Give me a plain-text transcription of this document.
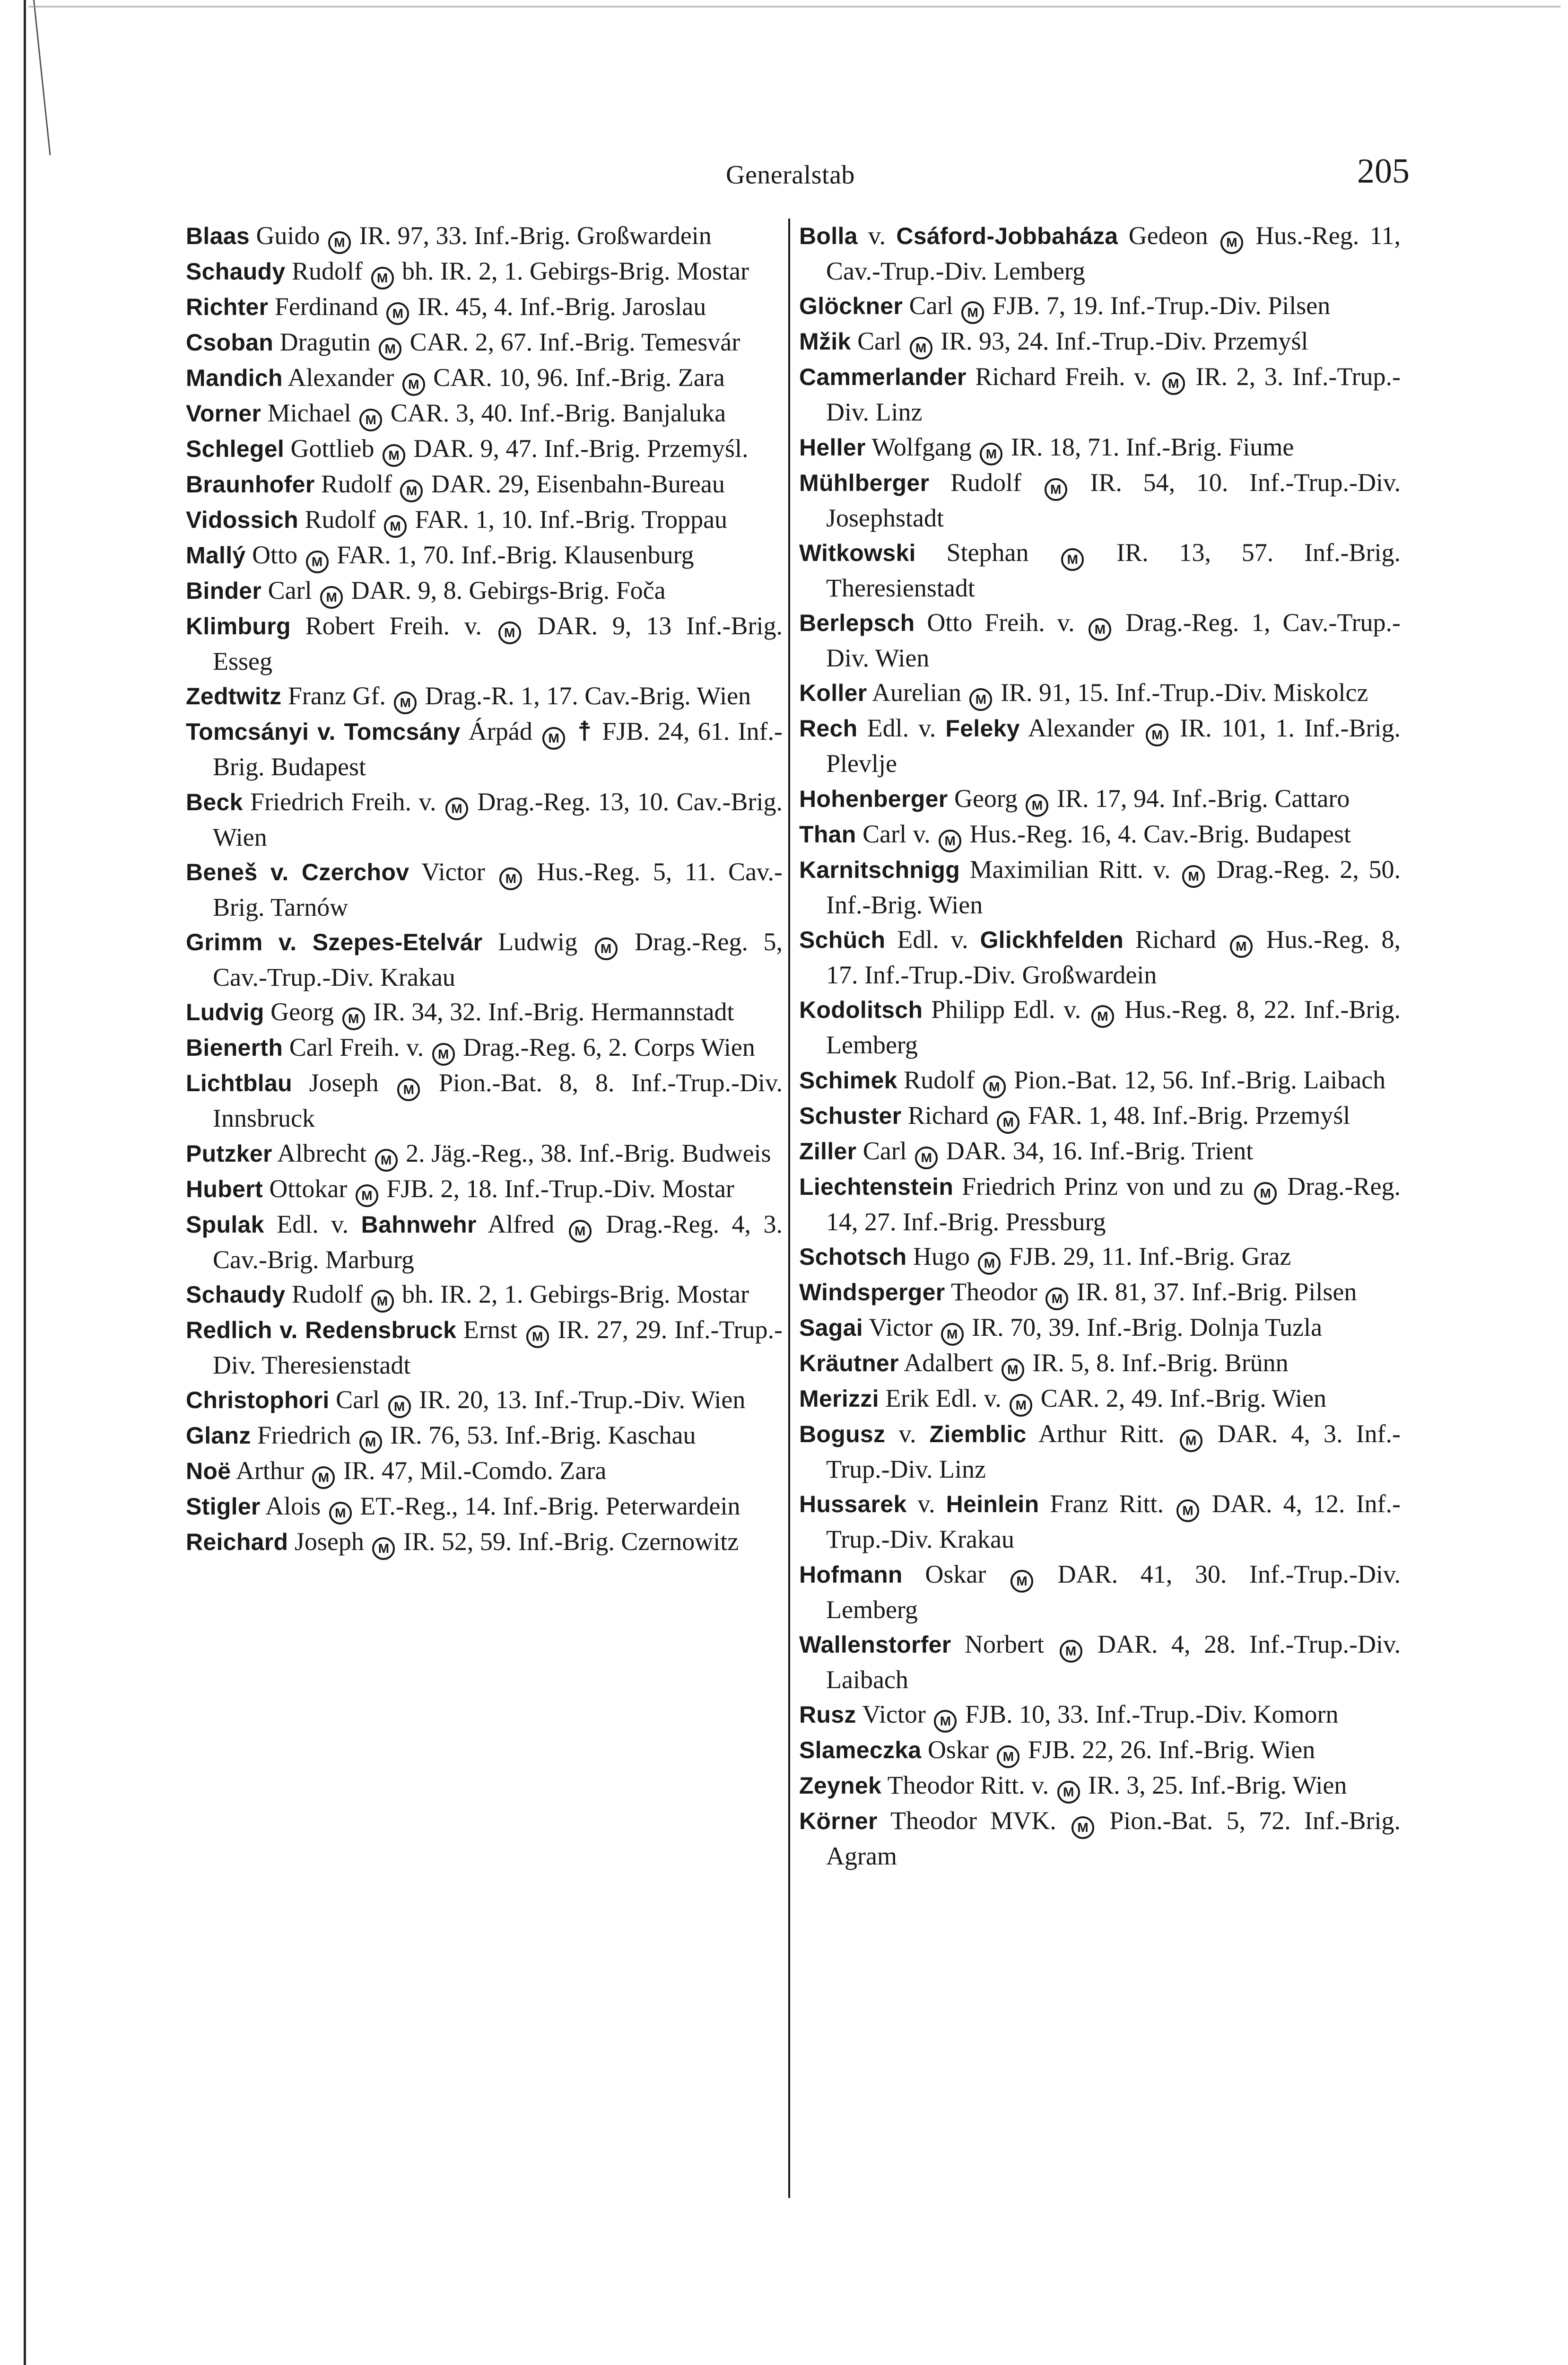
Generalstab	205

Blaas Guido M IR. 97, 33. Inf.-Brig. Großwardein

Schaudy Rudolf M bh. IR. 2, 1. Gebirgs-Brig. Mostar

Richter Ferdinand M IR. 45, 4. Inf.-Brig. Jaroslau

Csoban Dragutin M CAR. 2, 67. Inf.-Brig. Temesvár

Mandich Alexander M CAR. 10, 96. Inf.-Brig. Zara

Vorner Michael M CAR. 3, 40. Inf.-Brig. Banjaluka

Schlegel Gottlieb M DAR. 9, 47. Inf.-Brig. Przemyśl.

Braunhofer Rudolf M DAR. 29, Eisenbahn-Bureau

Vidossich Rudolf M FAR. 1, 10. Inf.-Brig. Troppau

Mallý Otto M FAR. 1, 70. Inf.-Brig. Klausenburg

Binder Carl M DAR. 9, 8. Gebirgs-Brig. Foča

Klimburg Robert Freih. v. M DAR. 9, 13 Inf.-Brig. Esseg

Zedtwitz Franz Gf. M Drag.-R. 1, 17. Cav.-Brig. Wien

Tomcsányi v. Tomcsány Árpád M ☨ FJB. 24, 61. Inf.-Brig. Budapest

Beck Friedrich Freih. v. M Drag.-Reg. 13, 10. Cav.-Brig. Wien

Beneš v. Czerchov Victor M Hus.-Reg. 5, 11. Cav.-Brig. Tarnów

Grimm v. Szepes-Etelvár Ludwig M Drag.-Reg. 5, Cav.-Trup.-Div. Krakau

Ludvig Georg M IR. 34, 32. Inf.-Brig. Hermannstadt

Bienerth Carl Freih. v. M Drag.-Reg. 6, 2. Corps Wien

Lichtblau Joseph M Pion.-Bat. 8, 8. Inf.-Trup.-Div. Innsbruck

Putzker Albrecht M 2. Jäg.-Reg., 38. Inf.-Brig. Budweis

Hubert Ottokar M FJB. 2, 18. Inf.-Trup.-Div. Mostar

Spulak Edl. v. Bahnwehr Alfred M Drag.-Reg. 4, 3. Cav.-Brig. Marburg

Schaudy Rudolf M bh. IR. 2, 1. Gebirgs-Brig. Mostar

Redlich v. Redensbruck Ernst M IR. 27, 29. Inf.-Trup.-Div. Theresienstadt

Christophori Carl M IR. 20, 13. Inf.-Trup.-Div. Wien

Glanz Friedrich M IR. 76, 53. Inf.-Brig. Kaschau

Noë Arthur M IR. 47, Mil.-Comdo. Zara

Stigler Alois M ET.-Reg., 14. Inf.-Brig. Peterwardein

Reichard Joseph M IR. 52, 59. Inf.-Brig. Czernowitz

Bolla v. Csáford-Jobbaháza Gedeon M Hus.-Reg. 11, Cav.-Trup.-Div. Lemberg

Glöckner Carl M FJB. 7, 19. Inf.-Trup.-Div. Pilsen

Mžik Carl M IR. 93, 24. Inf.-Trup.-Div. Przemyśl

Cammerlander Richard Freih. v. M IR. 2, 3. Inf.-Trup.-Div. Linz

Heller Wolfgang M IR. 18, 71. Inf.-Brig. Fiume

Mühlberger Rudolf M IR. 54, 10. Inf.-Trup.-Div. Josephstadt

Witkowski Stephan	M IR. 13, 57. Inf.-Brig. Theresienstadt

Berlepsch Otto Freih. v. M Drag.-Reg. 1, Cav.-Trup.-Div. Wien

Koller Aurelian M IR. 91, 15. Inf.-Trup.-Div. Miskolcz

Rech Edl. v. Feleky Alexander M IR. 101, 1. Inf.-Brig. Plevlje

Hohenberger Georg M IR. 17, 94. Inf.-Brig. Cattaro

Than Carl v. M Hus.-Reg. 16, 4. Cav.-Brig. Budapest

Karnitschnigg Maximilian Ritt. v. M Drag.-Reg. 2, 50. Inf.-Brig. Wien

Schüch Edl. v. Glickhfelden Richard M Hus.-Reg. 8, 17. Inf.-Trup.-Div. Großwardein

Kodolitsch Philipp Edl. v. M Hus.-Reg. 8, 22. Inf.-Brig. Lemberg

Schimek Rudolf M Pion.-Bat. 12, 56. Inf.-Brig. Laibach

Schuster Richard M FAR. 1, 48. Inf.-Brig. Przemyśl

Ziller Carl M DAR. 34, 16. Inf.-Brig. Trient

Liechtenstein Friedrich Prinz von und zu M Drag.-Reg. 14, 27. Inf.-Brig. Pressburg

Schotsch Hugo M FJB. 29, 11. Inf.-Brig. Graz

Windsperger Theodor M IR. 81, 37. Inf.-Brig. Pilsen

Sagai Victor M IR. 70, 39. Inf.-Brig. Dolnja Tuzla

Kräutner Adalbert M IR. 5, 8. Inf.-Brig. Brünn

Merizzi Erik Edl. v. M CAR. 2, 49. Inf.-Brig. Wien

Bogusz v. Ziemblic Arthur Ritt. M DAR. 4, 3. Inf.-Trup.-Div. Linz

Hussarek v. Heinlein Franz Ritt. M DAR. 4, 12. Inf.-Trup.-Div. Krakau

Hofmann Oskar M DAR. 41, 30. Inf.-Trup.-Div. Lemberg

Wallenstorfer Norbert M DAR. 4, 28. Inf.-Trup.-Div. Laibach

Rusz Victor M FJB. 10, 33. Inf.-Trup.-Div. Komorn

Slameczka Oskar M FJB. 22, 26. Inf.-Brig. Wien

Zeynek Theodor Ritt. v. M IR. 3, 25. Inf.-Brig. Wien

Körner Theodor MVK. M Pion.-Bat. 5, 72. Inf.-Brig. Agram
